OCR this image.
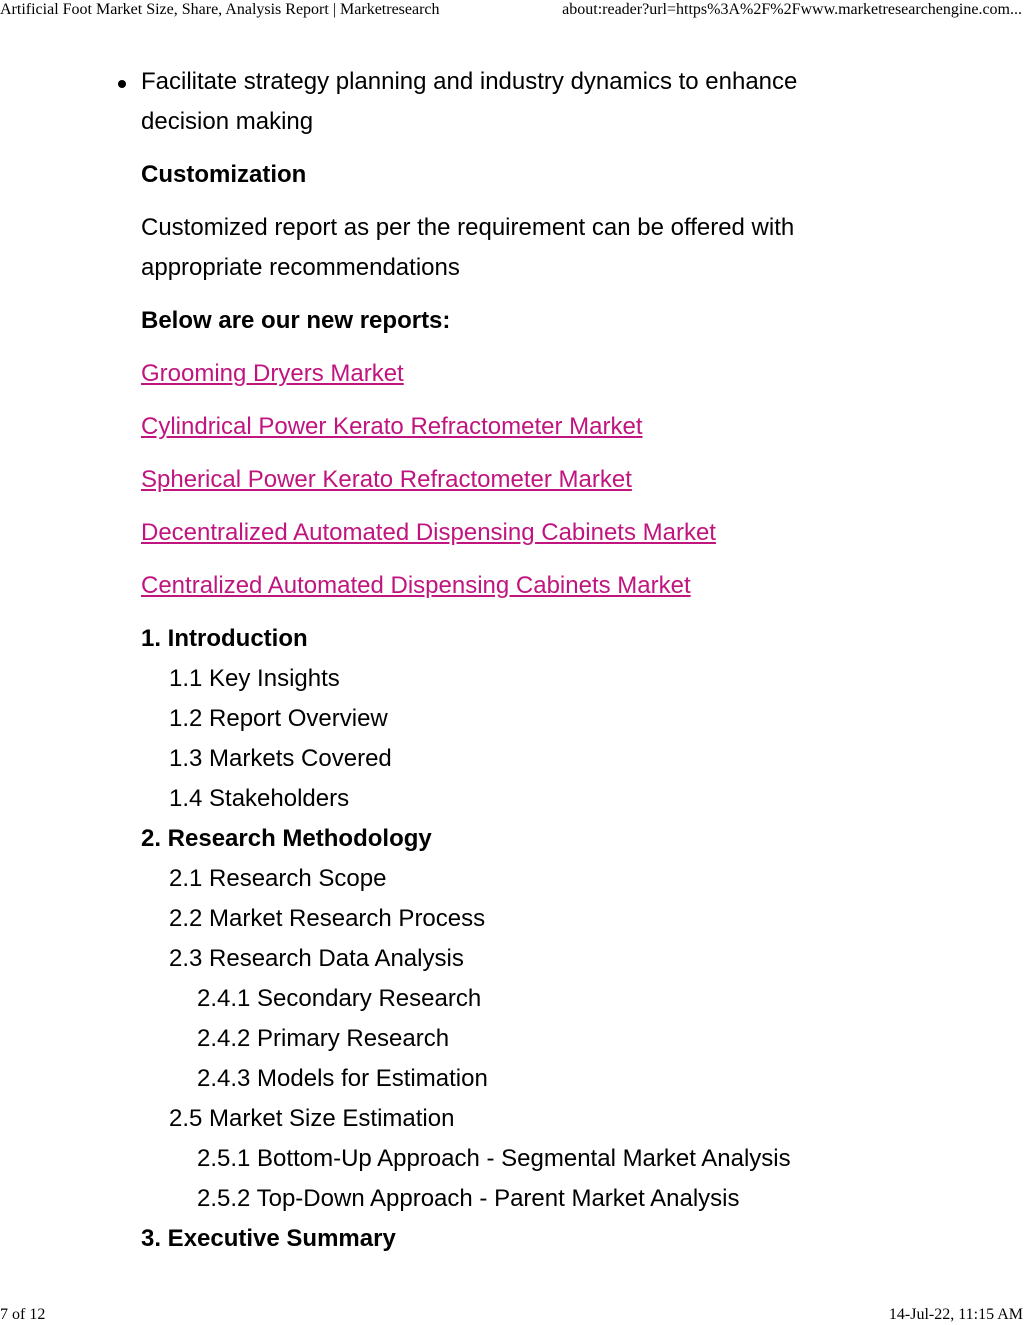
Artificial Foot Market Size, Share, Analysis Report | Marketresearch	about:reader?url=https%3A%2F%2Fwww.marketresearchengine.com...
Facilitate strategy planning and industry dynamics to enhance decision making

Customization

Customized report as per the requirement can be offered with appropriate recommendations

Below are our new reports:

Grooming Dryers Market
Cylindrical Power Kerato Refractometer Market
Spherical Power Kerato Refractometer Market
Decentralized Automated Dispensing Cabinets Market
Centralized Automated Dispensing Cabinets Market
1. Introduction
1.1 Key Insights
1.2 Report Overview
1.3 Markets Covered
1.4 Stakeholders
2. Research Methodology
2.1 Research Scope
2.2 Market Research Process
2.3 Research Data Analysis
2.4.1 Secondary Research
2.4.2 Primary Research
2.4.3 Models for Estimation
2.5 Market Size Estimation
2.5.1 Bottom-Up Approach - Segmental Market Analysis
2.5.2 Top-Down Approach - Parent Market Analysis
3. Executive Summary
7 of 12	14-Jul-22, 11:15 AM
